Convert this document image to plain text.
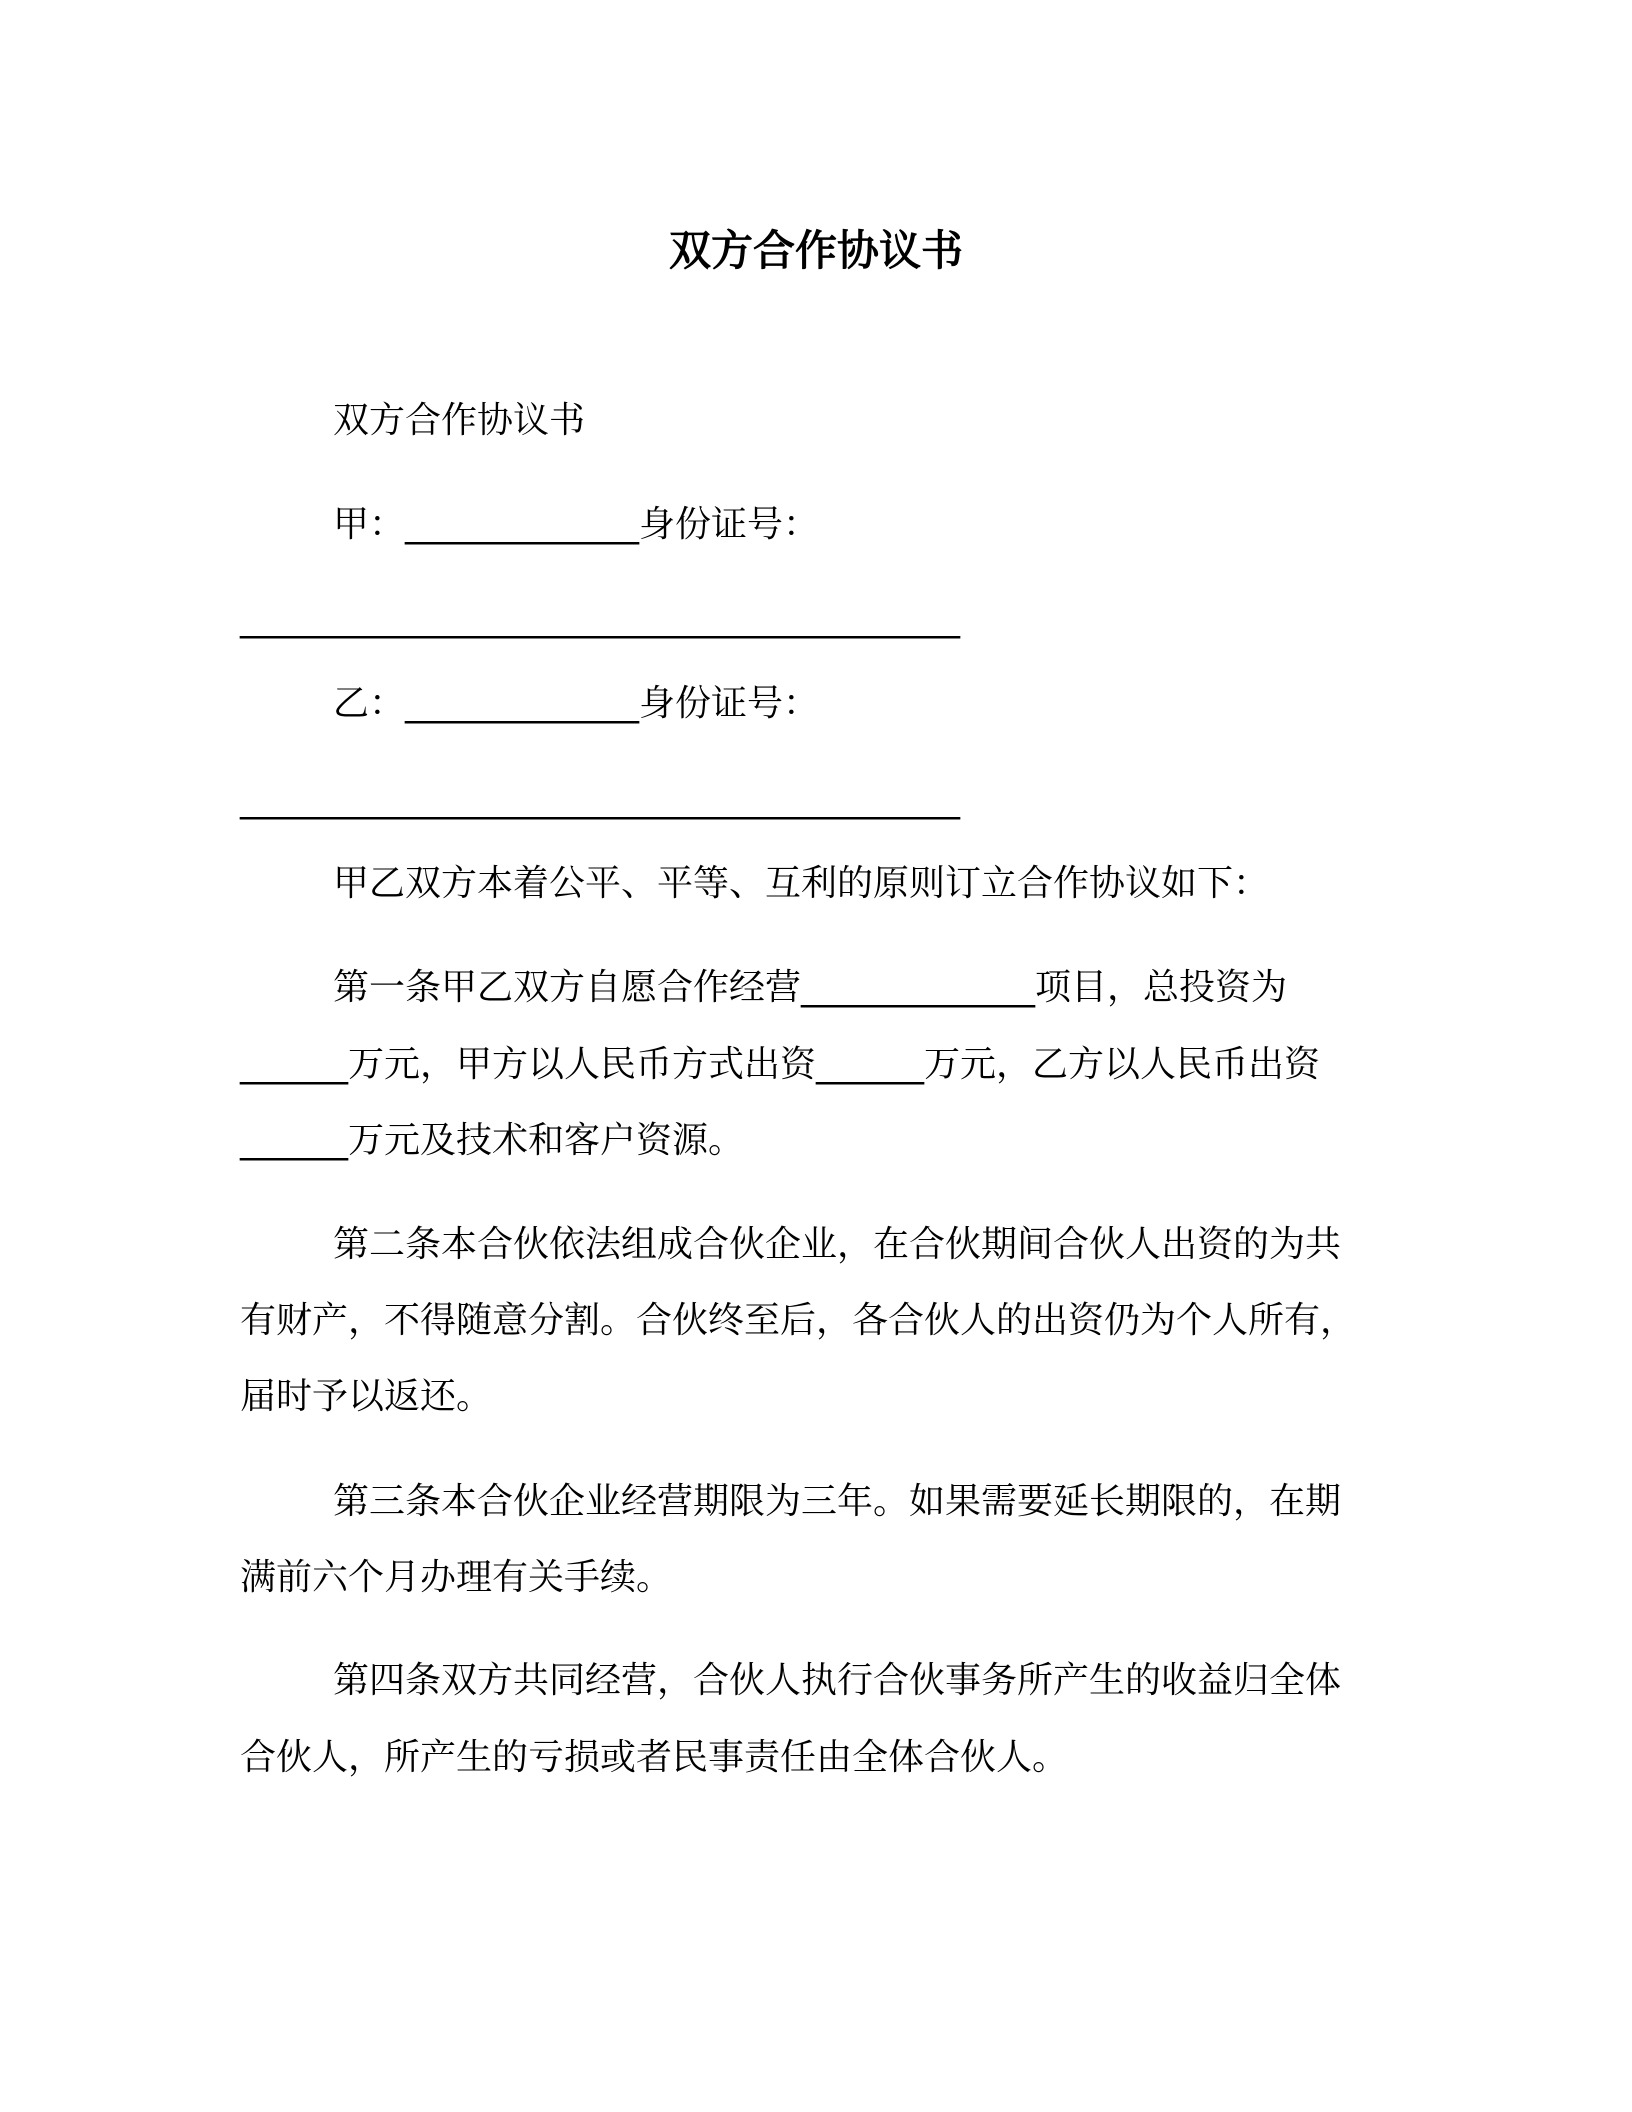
双方合作协议书
双方合作协议书
甲：_____________身份证号：
________________________________________
乙：_____________身份证号：
________________________________________
甲乙双方本着公平、平等、互利的原则订立合作协议如下：
第一条甲乙双方自愿合作经营_____________项目，总投资为
______万元，甲方以人民币方式出资______万元，乙方以人民币出资
______万元及技术和客户资源。
第二条本合伙依法组成合伙企业，在合伙期间合伙人出资的为共
有财产，不得随意分割。合伙终至后，各合伙人的出资仍为个人所有，
届时予以返还。
第三条本合伙企业经营期限为三年。如果需要延长期限的，在期
满前六个月办理有关手续。
第四条双方共同经营，合伙人执行合伙事务所产生的收益归全体
合伙人，所产生的亏损或者民事责任由全体合伙人。
